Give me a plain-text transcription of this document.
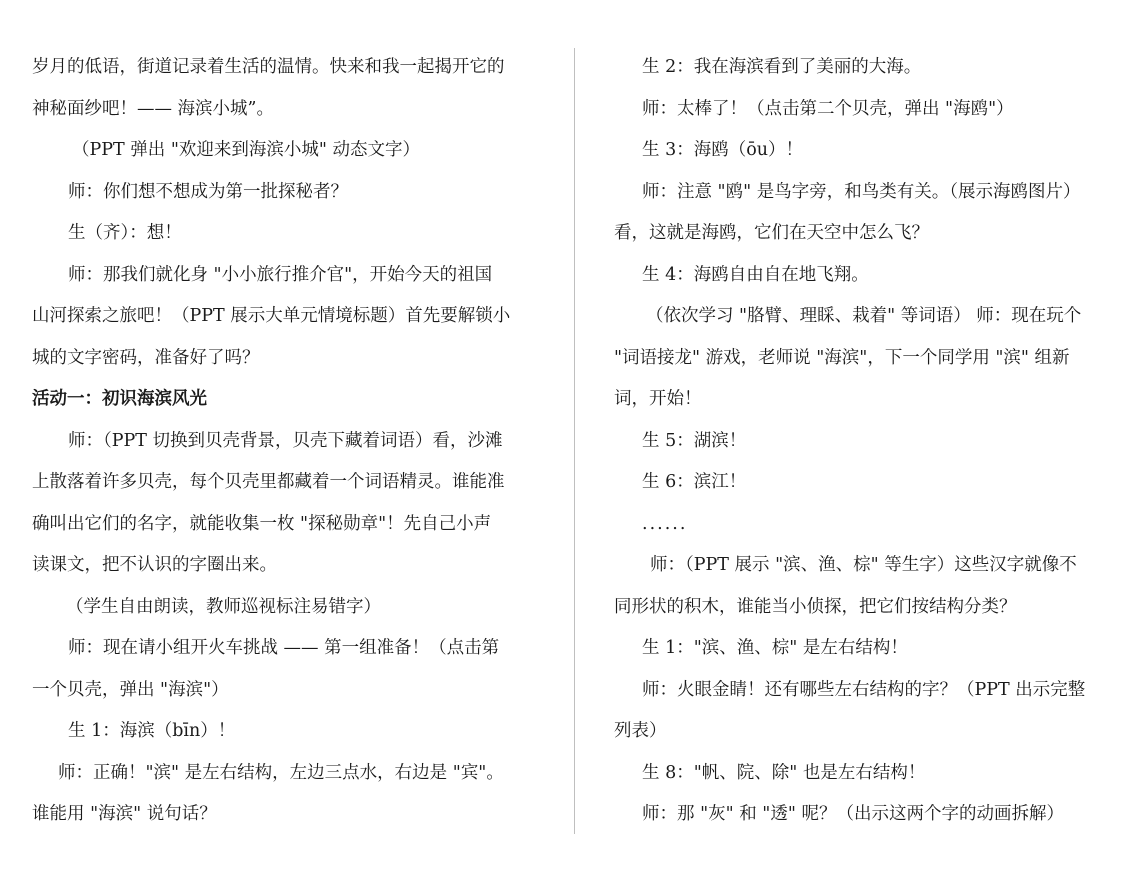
岁月的低语，街道记录着生活的温情。快来和我一起揭开它的

神秘面纱吧！—— 海滨小城”。

（PPT 弹出 "欢迎来到海滨小城" 动态文字）

师：你们想不想成为第一批探秘者？

生（齐）：想！

师：那我们就化身 "小小旅行推介官"，开始今天的祖国

山河探索之旅吧！（PPT 展示大单元情境标题）首先要解锁小

城的文字密码，准备好了吗？

活动一：初识海滨风光

师：（PPT 切换到贝壳背景，贝壳下藏着词语）看，沙滩

上散落着许多贝壳，每个贝壳里都藏着一个词语精灵。谁能准

确叫出它们的名字，就能收集一枚 "探秘勋章"！先自己小声

读课文，把不认识的字圈出来。

（学生自由朗读，教师巡视标注易错字）

师：现在请小组开火车挑战 —— 第一组准备！（点击第

一个贝壳，弹出 "海滨"）

生 1：海滨（bīn）！

师：正确！"滨" 是左右结构，左边三点水，右边是 "宾"。

谁能用 "海滨" 说句话？

生 2：我在海滨看到了美丽的大海。

师：太棒了！（点击第二个贝壳，弹出 "海鸥"）

生 3：海鸥（ōu）！

师：注意 "鸥" 是鸟字旁，和鸟类有关。（展示海鸥图片）

看，这就是海鸥，它们在天空中怎么飞？

生 4：海鸥自由自在地飞翔。

（依次学习 "胳臂、理睬、栽着" 等词语） 师：现在玩个

"词语接龙" 游戏，老师说 "海滨"，下一个同学用 "滨" 组新

词，开始！

生 5：湖滨！

生 6：滨江！

......

师：（PPT 展示 "滨、渔、棕" 等生字）这些汉字就像不

同形状的积木，谁能当小侦探，把它们按结构分类？

生 1："滨、渔、棕" 是左右结构！

师：火眼金睛！还有哪些左右结构的字？（PPT 出示完整

列表）

生 8："帆、院、除" 也是左右结构！

师：那 "灰" 和 "透" 呢？（出示这两个字的动画拆解）
